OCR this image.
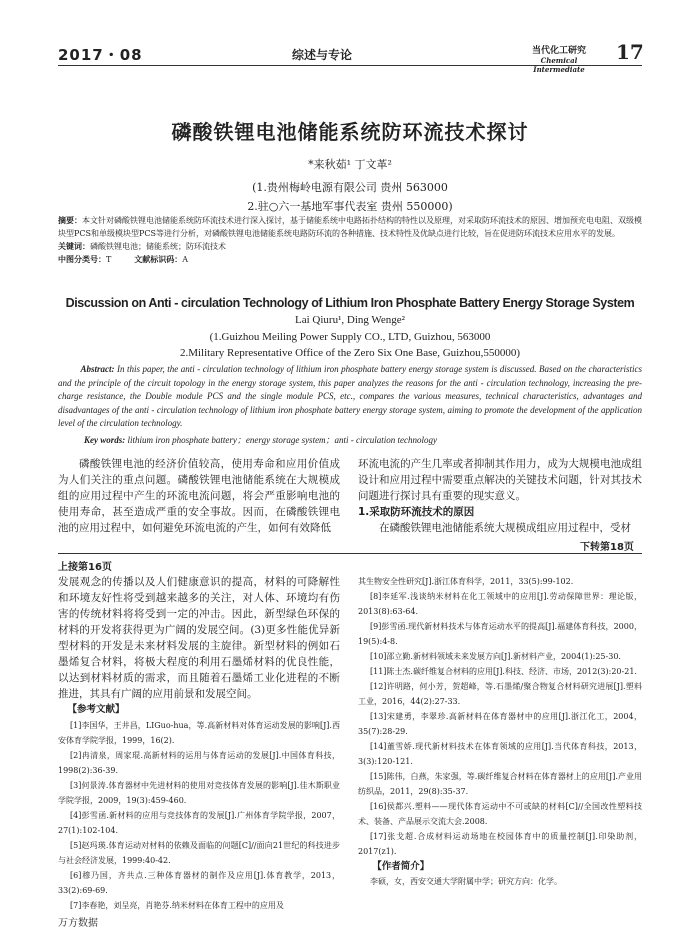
2017・08	综述与专论	当代化工研究
Chemical Intermediate
17
磷酸铁锂电池储能系统防环流技术探讨
*来秋茹¹ 丁文革²
(1.贵州梅岭电源有限公司 贵州 563000
2.驻○六一基地军事代表室 贵州 550000)

摘要：本文针对磷酸铁锂电池储能系统防环流技术进行深入探讨，基于储能系统中电路拓扑结构的特性以及原理，对采取防环流技术的原因、增加预充电电阻、双级模块型PCS和单级模块型PCS等进行分析，对磷酸铁锂电池储能系统电路防环流的各种措施、技术特性及优缺点进行比较，旨在促进防环流技术应用水平的发展。

关键词：磷酸铁锂电池；储能系统；防环流技术

中图分类号：T	文献标识码：A

Discussion on Anti - circulation Technology of Lithium Iron Phosphate Battery Energy Storage System
Lai Qiuru¹, Ding Wenge²
(1.Guizhou Meiling Power Supply CO., LTD, Guizhou, 563000
2.Military Representative Office of the Zero Six One Base, Guizhou,550000)
Abstract: In this paper, the anti - circulation technology of lithium iron phosphate battery energy storage system is discussed. Based on the characteristics and the principle of the circuit topology in the energy storage system, this paper analyzes the reasons for the anti - circulation technology, increasing the pre-charge resistance, the Double module PCS and the single module PCS, etc., compares the various measures, technical characteristics, advantages and disadvantages of the anti - circulation technology of lithium iron phosphate battery energy storage system, aiming to promote the development of the application level of the circulation technology.
Key words: lithium iron phosphate battery；energy storage system；anti - circulation technology

磷酸铁锂电池的经济价值较高，使用寿命和应用价值成为人们关注的重点问题。磷酸铁锂电池储能系统在大规模成组的应用过程中产生的环流电流问题，将会严重影响电池的使用寿命，甚至造成严重的安全事故。因而，在磷酸铁锂电池的应用过程中，如何避免环流电流的产生，如何有效降低

环流电流的产生几率或者抑制其作用力，成为大规模电池成组设计和应用过程中需要重点解决的关键技术问题，针对其技术问题进行探讨具有重要的现实意义。

1.采取防环流技术的原因

在磷酸铁锂电池储能系统大规模成组应用过程中，受材

下转第18页
上接第16页

发展观念的传播以及人们健康意识的提高，材料的可降解性和环境友好性将受到越来越多的关注，对人体、环境均有伤害的传统材料将将受到一定的冲击。因此，新型绿色环保的材料的开发将获得更为广阔的发展空间。(3)更多性能优异新型材料的开发是未来材料发展的主旋律。新型材料的例如石墨烯复合材料，将极大程度的利用石墨烯材料的优良性能，以达到材料材质的需求，而且随着石墨烯工业化进程的不断推进，其具有广阔的应用前景和发展空间。

【参考文献】

[1]李国华，王井昌，LIGuo-hua，等.高新材料对体育运动发展的影响[J].西安体育学院学报，1999，16(2).

[2]冉清泉，周家琨.高新材料的运用与体育运动的发展[J].中国体育科技，1998(2):36-39.

[3]何景涛.体育器材中先进材料的使用对竞技体育发展的影响[J].佳木斯职业学院学报，2009，19(3):459-460.

[4]彭雪函.新材料的应用与竞技体育的发展[J].广州体育学院学报，2007，27(1):102-104.

[5]赵玛瑛.体育运动对材料的依赖及面临的问题[C]//面向21世纪的科技进步与社会经济发展，1999:40-42.

[6]穆乃国，齐共点.三种体育器材的制作及应用[J].体育教学，2013，33(2):69-69.

[7]李春艳，刘呈亮，肖艳芬.纳米材料在体育工程中的应用及

其生物安全性研究[J].浙江体育科学，2011，33(5):99-102.

[8]李延军.浅谈纳米材料在化工领域中的应用[J].劳动保障世界：理论版，2013(8):63-64.

[9]彭雪函.现代新材料技术与体育运动水平的提高[J].福建体育科技，2000，19(5):4-8.

[10]邵立勤.新材料领域未来发展方向[J].新材料产业，2004(1):25-30.

[11]陈士杰.碳纤维复合材料的应用[J].科技、经济、市场，2012(3):20-21.

[12]许明路，何小芳，贺超峰，等.石墨烯/聚合物复合材料研究进展[J].塑料工业，2016，44(2):27-33.

[13]宋建勇，李翠珍.高新材料在体育器材中的应用[J].浙江化工，2004，35(7):28-29.

[14]董雪娇.现代新材料技术在体育领域的应用[J].当代体育科技，2013，3(3):120-121.

[15]陈伟，白燕，朱家强，等.碳纤维复合材料在体育器材上的应用[J].产业用纺织品，2011，29(8):35-37.

[16]侯都兴.塑料——现代体育运动中不可或缺的材料[C]//全国改性塑料技术、装备、产品展示交流大会.2008.

[17]张戈超.合成材料运动场地在校园体育中的质量控制[J].印染助剂，2017(z1).

【作者简介】

李硕，女，西安交通大学附属中学；研究方向：化学。

万方数据
